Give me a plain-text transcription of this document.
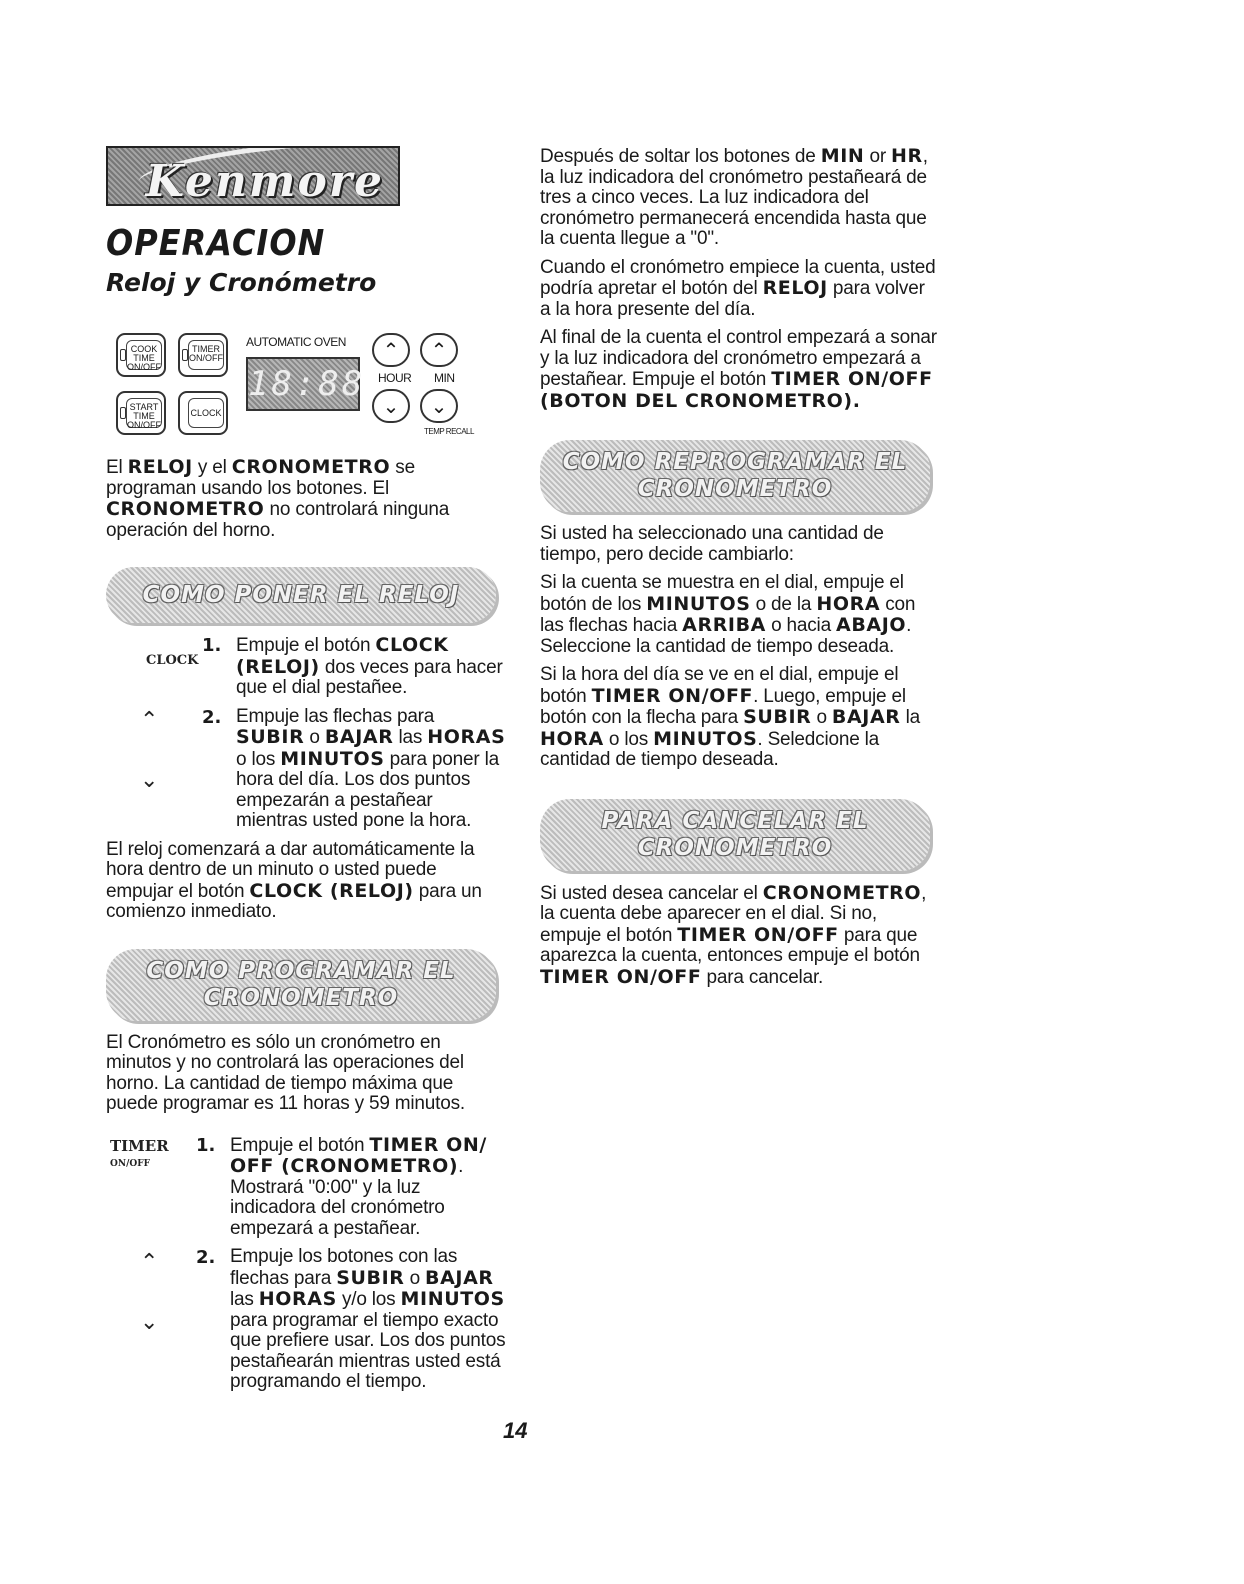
Kenmore
OPERACION
Reloj y Cronómetro
COOK TIME ON/OFF
TIMER ON/OFF
START TIME ON/OFF
CLOCK
AUTOMATIC OVEN
18:88
⌃	⌃
HOUR MIN
⌄	⌄
TEMP RECALL

El RELOJ y el CRONOMETRO se programan usando los botones. El CRONOMETRO no controlará ninguna operación del horno.

COMO PONER EL RELOJ
CLOCK
1. Empuje el botón CLOCK (RELOJ) dos veces para hacer que el dial pestañee.

⌃
⌄
2. Empuje las flechas para SUBIR o BAJAR las HORAS o los MINUTOS para poner la hora del día. Los dos puntos empezarán a pestañear mientras usted pone la hora.

El reloj comenzará a dar automáticamente la hora dentro de un minuto o usted puede empujar el botón CLOCK (RELOJ) para un comienzo inmediato.

COMO PROGRAMAR EL
CRONOMETRO

El Cronómetro es sólo un cronómetro en minutos y no controlará las operaciones del horno. La cantidad de tiempo máxima que puede programar es 11 horas y 59 minutos.

TIMER
ON/OFF
1. Empuje el botón TIMER ON/ OFF (CRONOMETRO). Mostrará "0:00" y la luz indicadora del cronómetro empezará a pestañear.

⌃
⌄
2. Empuje los botones con las flechas para SUBIR o BAJAR las HORAS y/o los MINUTOS para programar el tiempo exacto que prefiere usar. Los dos puntos pestañearán mientras usted está programando el tiempo.

Después de soltar los botones de MIN or HR, la luz indicadora del cronómetro pestañeará de tres a cinco veces. La luz indicadora del cronómetro permanecerá encendida hasta que la cuenta llegue a "0".

Cuando el cronómetro empiece la cuenta, usted podría apretar el botón del RELOJ para volver a la hora presente del día.

Al final de la cuenta el control empezará a sonar y la luz indicadora del cronómetro empezará a pestañear. Empuje el botón TIMER ON/OFF (BOTON DEL CRONOMETRO).

COMO REPROGRAMAR EL
CRONOMETRO

Si usted ha seleccionado una cantidad de tiempo, pero decide cambiarlo:

Si la cuenta se muestra en el dial, empuje el botón de los MINUTOS o de la HORA con las flechas hacia ARRIBA o hacia ABAJO. Seleccione la cantidad de tiempo deseada.

Si la hora del día se ve en el dial, empuje el botón TIMER ON/OFF. Luego, empuje el botón con la flecha para SUBIR o BAJAR la HORA o los MINUTOS. Seledcione la cantidad de tiempo deseada.

PARA CANCELAR EL
CRONOMETRO

Si usted desea cancelar el CRONOMETRO, la cuenta debe aparecer en el dial. Si no, empuje el botón TIMER ON/OFF para que aparezca la cuenta, entonces empuje el botón TIMER ON/OFF para cancelar.

14
